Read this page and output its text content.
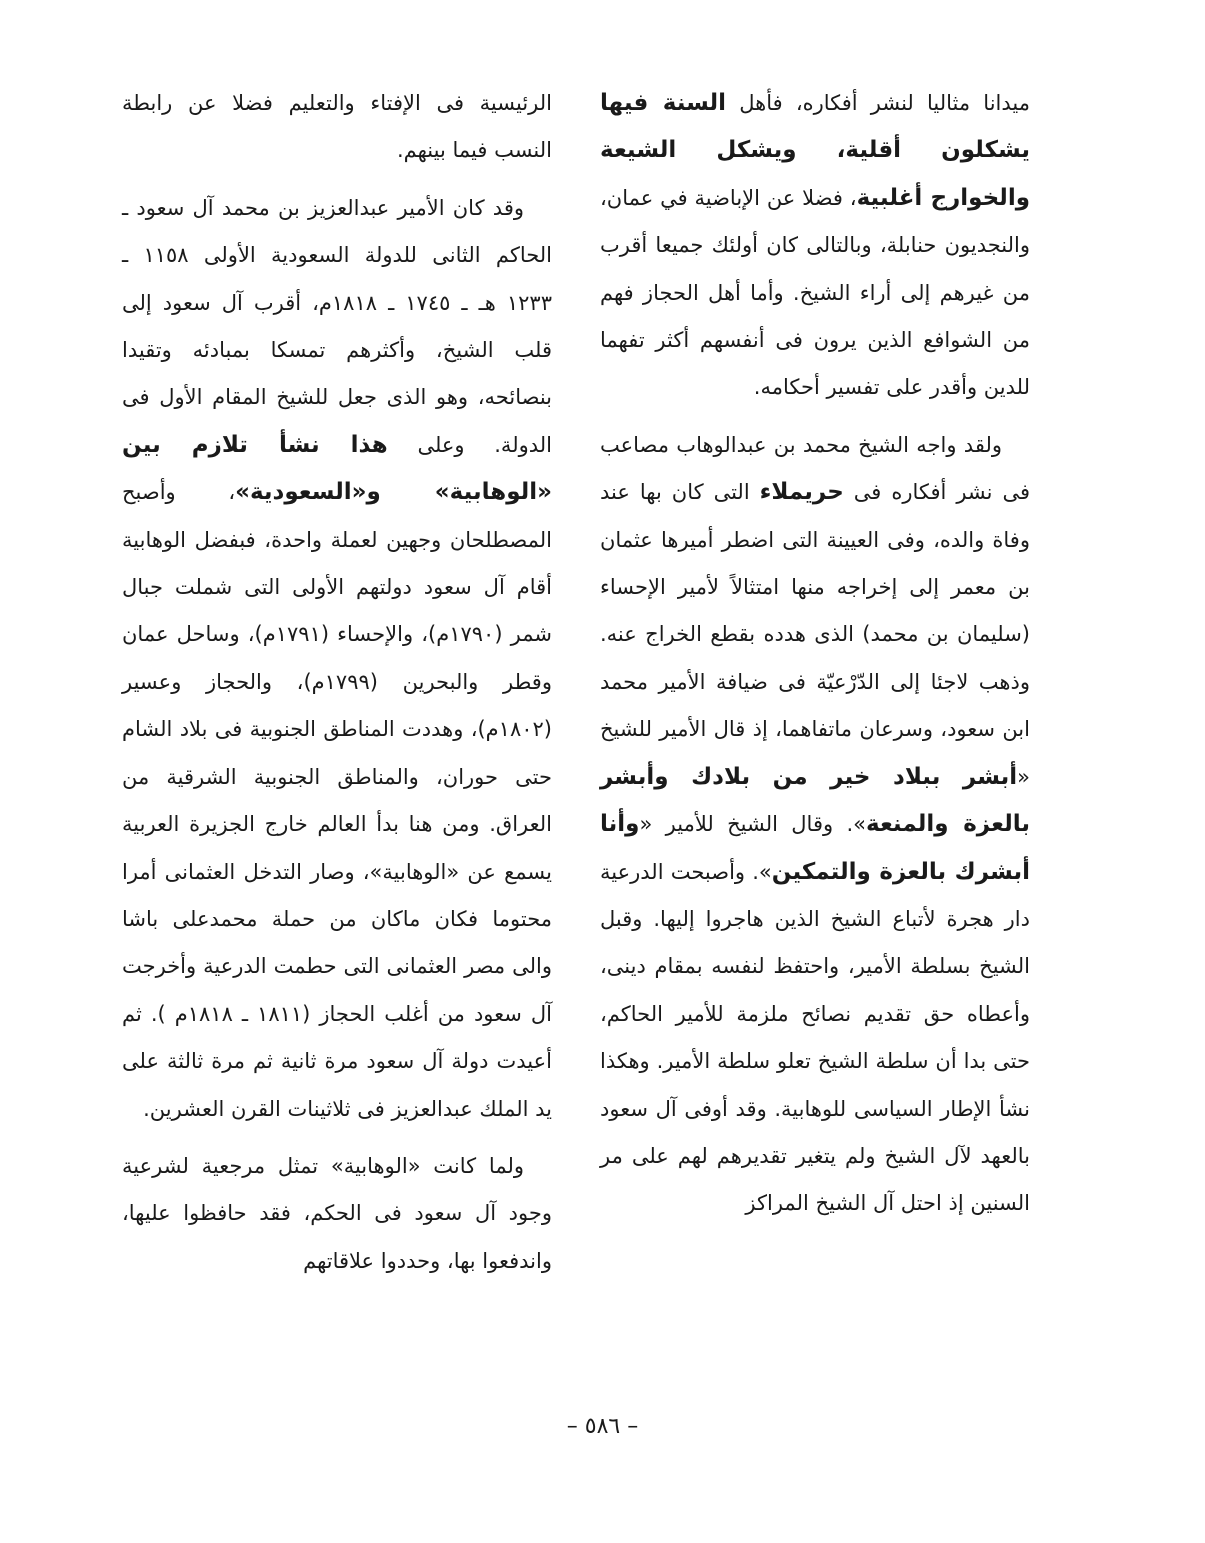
ميدانا مثاليا لنشر أفكاره، فأهل السنة فيها يشكلون أقلية، ويشكل الشيعة والخوارج أغلبية، فضلا عن الإباضية في عمان، والنجديون حنابلة، وبالتالى كان أولئك جميعا أقرب من غيرهم إلى أراء الشيخ. وأما أهل الحجاز فهم من الشوافع الذين يرون فى أنفسهم أكثر تفهما للدين وأقدر على تفسير أحكامه.

ولقد واجه الشيخ محمد بن عبدالوهاب مصاعب فى نشر أفكاره فى حريملاء التى كان بها عند وفاة والده، وفى العيينة التى اضطر أميرها عثمان بن معمر إلى إخراجه منها امتثالاً لأمير الإحساء (سليمان بن محمد) الذى هدده بقطع الخراج عنه. وذهب لاجئا إلى الدّرْعيّة فى ضيافة الأمير محمد ابن سعود، وسرعان ماتفاهما، إذ قال الأمير للشيخ «أبشر ببلاد خير من بلادك وأبشر بالعزة والمنعة». وقال الشيخ للأمير «وأنا أبشرك بالعزة والتمكين». وأصبحت الدرعية دار هجرة لأتباع الشيخ الذين هاجروا إليها. وقبل الشيخ بسلطة الأمير، واحتفظ لنفسه بمقام دينى، وأعطاه حق تقديم نصائح ملزمة للأمير الحاكم، حتى بدا أن سلطة الشيخ تعلو سلطة الأمير. وهكذا نشأ الإطار السياسى للوهابية. وقد أوفى آل سعود بالعهد لآل الشيخ ولم يتغير تقديرهم لهم على مر السنين إذ احتل آل الشيخ المراكز

الرئيسية فى الإفتاء والتعليم فضلا عن رابطة النسب فيما بينهم.

وقد كان الأمير عبدالعزيز بن محمد آل سعود ـ الحاكم الثانى للدولة السعودية الأولى ١١٥٨ ـ ١٢٣٣ هـ ـ ١٧٤٥ ـ ١٨١٨م، أقرب آل سعود إلى قلب الشيخ، وأكثرهم تمسكا بمبادئه وتقيدا بنصائحه، وهو الذى جعل للشيخ المقام الأول فى الدولة. وعلى هذا نشأ تلازم بين «الوهابية» و«السعودية»، وأصبح المصطلحان وجهين لعملة واحدة، فبفضل الوهابية أقام آل سعود دولتهم الأولى التى شملت جبال شمر (١٧٩٠م)، والإحساء (١٧٩١م)، وساحل عمان وقطر والبحرين (١٧٩٩م)، والحجاز وعسير (١٨٠٢م)، وهددت المناطق الجنوبية فى بلاد الشام حتى حوران، والمناطق الجنوبية الشرقية من العراق. ومن هنا بدأ العالم خارج الجزيرة العربية يسمع عن «الوهابية»، وصار التدخل العثمانى أمرا محتوما فكان ماكان من حملة محمدعلى باشا والى مصر العثمانى التى حطمت الدرعية وأخرجت آل سعود من أغلب الحجاز (١٨١١ ـ ١٨١٨م ). ثم أعيدت دولة آل سعود مرة ثانية ثم مرة ثالثة على يد الملك عبدالعزيز فى ثلاثينات القرن العشرين.

ولما كانت «الوهابية» تمثل مرجعية لشرعية وجود آل سعود فى الحكم، فقد حافظوا عليها، واندفعوا بها، وحددوا علاقاتهم

– ٥٨٦ –
